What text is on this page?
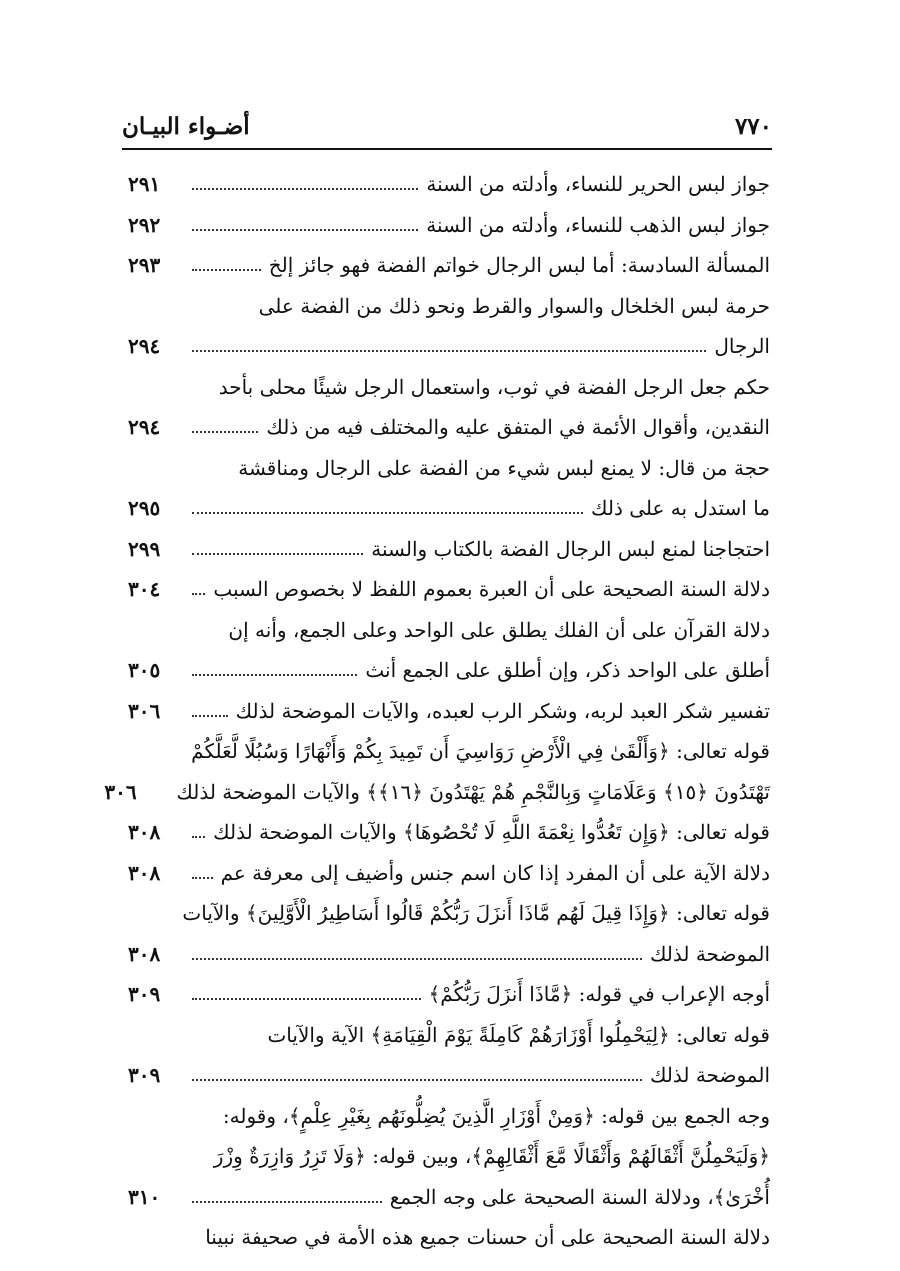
٧٧٠
أضـواء البيـان
جواز لبس الحرير للنساء، وأدلته من السنة
٢٩١
جواز لبس الذهب للنساء، وأدلته من السنة
٢٩٢
المسألة السادسة: أما لبس الرجال خواتم الفضة فهو جائز إلخ
٢٩٣
حرمة لبس الخلخال والسوار والقرط ونحو ذلك من الفضة على
الرجال
٢٩٤
حكم جعل الرجل الفضة في ثوب، واستعمال الرجل شيئًا محلى بأحد
النقدين، وأقوال الأئمة في المتفق عليه والمختلف فيه من ذلك
٢٩٤
حجة من قال: لا يمنع لبس شيء من الفضة على الرجال ومناقشة
ما استدل به على ذلك
٢٩٥
احتجاجنا لمنع لبس الرجال الفضة بالكتاب والسنة
٢٩٩
دلالة السنة الصحيحة على أن العبرة بعموم اللفظ لا بخصوص السبب
٣٠٤
دلالة القرآن على أن الفلك يطلق على الواحد وعلى الجمع، وأنه إن
أطلق على الواحد ذكر، وإن أطلق على الجمع أنث
٣٠٥
تفسير شكر العبد لربه، وشكر الرب لعبده، والآيات الموضحة لذلك
٣٠٦
قوله تعالى: ﴿وَأَلْقَىٰ فِي الْأَرْضِ رَوَاسِيَ أَن تَمِيدَ بِكُمْ وَأَنْهَارًا وَسُبُلًا لَّعَلَّكُمْ
تَهْتَدُونَ ﴿١٥﴾ وَعَلَامَاتٍ وَبِالنَّجْمِ هُمْ يَهْتَدُونَ ﴿١٦﴾﴾ والآيات الموضحة لذلك
٣٠٦
قوله تعالى: ﴿وَإِن تَعُدُّوا نِعْمَةَ اللَّهِ لَا تُحْصُوهَا﴾ والآيات الموضحة لذلك
٣٠٨
دلالة الآية على أن المفرد إذا كان اسم جنس وأضيف إلى معرفة عم
٣٠٨
قوله تعالى: ﴿وَإِذَا قِيلَ لَهُم مَّاذَا أَنزَلَ رَبُّكُمْ قَالُوا أَسَاطِيرُ الْأَوَّلِينَ﴾ والآيات
الموضحة لذلك
٣٠٨
أوجه الإعراب في قوله: ﴿مَّاذَا أَنزَلَ رَبُّكُمْ﴾
٣٠٩
قوله تعالى: ﴿لِيَحْمِلُوا أَوْزَارَهُمْ كَامِلَةً يَوْمَ الْقِيَامَةِ﴾ الآية والآيات
الموضحة لذلك
٣٠٩
وجه الجمع بين قوله: ﴿وَمِنْ أَوْزَارِ الَّذِينَ يُضِلُّونَهُم بِغَيْرِ عِلْمٍ﴾، وقوله:
﴿وَلَيَحْمِلُنَّ أَثْقَالَهُمْ وَأَثْقَالًا مَّعَ أَثْقَالِهِمْ﴾، وبين قوله: ﴿وَلَا تَزِرُ وَازِرَةٌ وِزْرَ
أُخْرَىٰ﴾، ودلالة السنة الصحيحة على وجه الجمع
٣١٠
دلالة السنة الصحيحة على أن حسنات جميع هذه الأمة في صحيفة نبينا
